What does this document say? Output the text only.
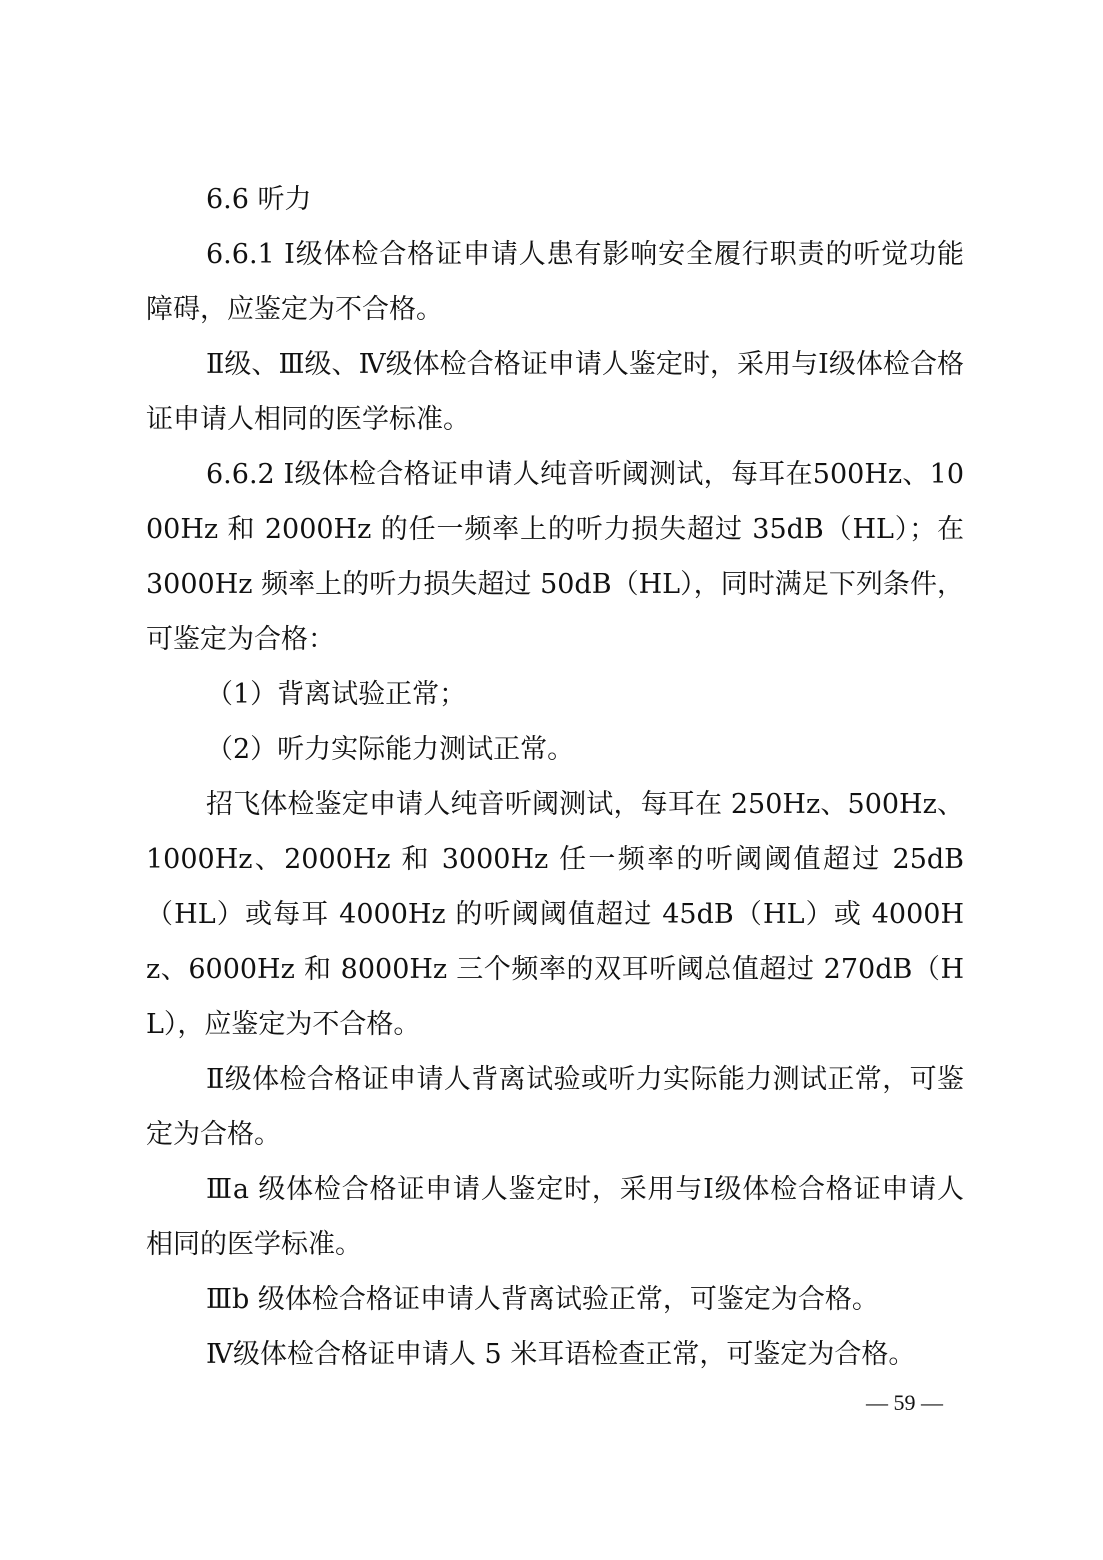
6.6 听力

6.6.1 Ⅰ级体检合格证申请人患有影响安全履行职责的听觉功能障碍，应鉴定为不合格。

Ⅱ级、Ⅲ级、Ⅳ级体检合格证申请人鉴定时，采用与Ⅰ级体检合格证申请人相同的医学标准。

6.6.2 Ⅰ级体检合格证申请人纯音听阈测试，每耳在500Hz、1000Hz 和 2000Hz 的任一频率上的听力损失超过 35dB（HL）；在 3000Hz 频率上的听力损失超过 50dB（HL），同时满足下列条件，可鉴定为合格：

（1）背离试验正常；

（2）听力实际能力测试正常。

招飞体检鉴定申请人纯音听阈测试，每耳在 250Hz、500Hz、1000Hz、2000Hz 和 3000Hz 任一频率的听阈阈值超过 25dB（HL）或每耳 4000Hz 的听阈阈值超过 45dB（HL）或 4000Hz、6000Hz 和 8000Hz 三个频率的双耳听阈总值超过 270dB（HL），应鉴定为不合格。

Ⅱ级体检合格证申请人背离试验或听力实际能力测试正常，可鉴定为合格。

Ⅲa 级体检合格证申请人鉴定时，采用与Ⅰ级体检合格证申请人相同的医学标准。

Ⅲb 级体检合格证申请人背离试验正常，可鉴定为合格。

Ⅳ级体检合格证申请人 5 米耳语检查正常，可鉴定为合格。

— 59 —
